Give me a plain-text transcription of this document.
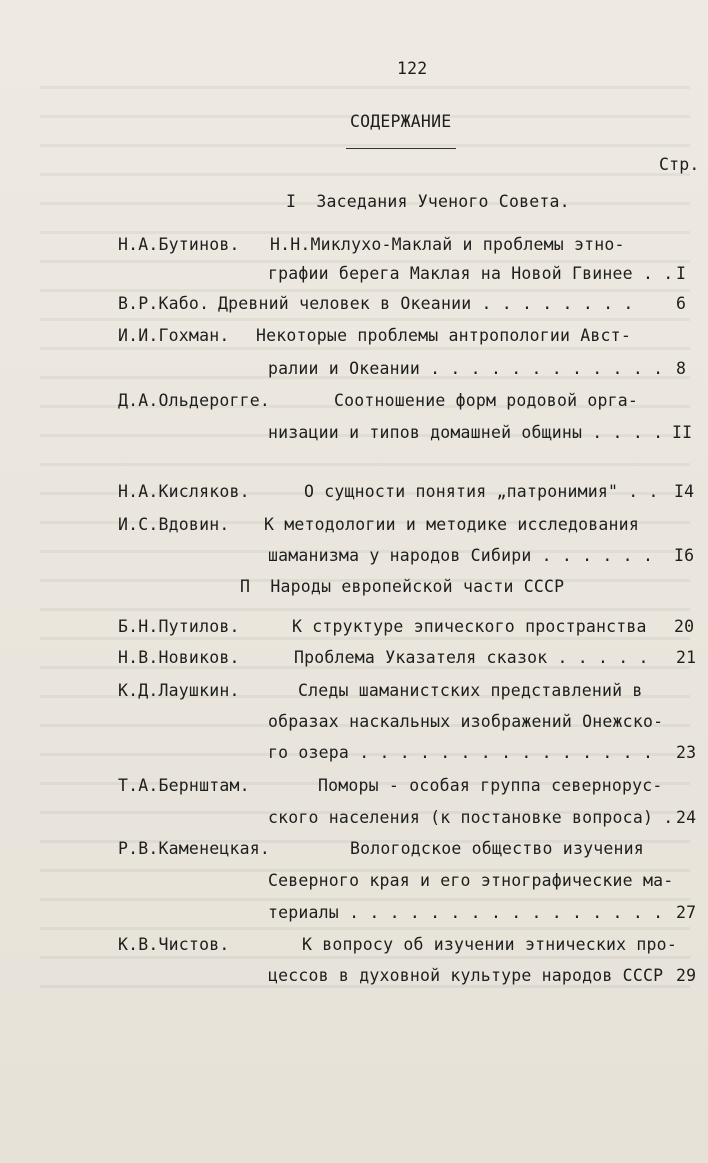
122
СОДЕРЖАНИЕ
Стр.
I  Заседания Ученого Совета.
Н.А.Бутинов. Н.Н.Миклухо-Маклай и проблемы этно-
графии берега Маклая на Новой Гвинее . . I
В.Р.Кабо. Древний человек в Океании . . . . . . . .	6
И.И.Гохман. Некоторые проблемы антропологии Авст-
ралии и Океании . . . . . . . . . . . . 8
Д.А.Ольдерогге.	Соотношение форм родовой орга-
низации и типов домашней общины . . . . II
Н.А.Кисляков.	О сущности понятия „патронимия" . . I4
И.С.Вдовин. К методологии и методике исследования
шаманизма у народов Сибири . . . . . . I6
П  Народы европейской части СССР
Б.Н.Путилов.	К структуре эпического пространства 20
Н.В.Новиков.	Проблема Указателя сказок . . . . . 21
К.Д.Лаушкин.	Следы шаманистских представлений в
образах наскальных изображений Онежско-
го озера . . . . . . . . . . . . . . . 23
Т.А.Бернштам.	Поморы - особая группа севернорус-
ского населения (к постановке вопроса) . 24
Р.В.Каменецкая.	Вологодское общество изучения
Северного края и его этнографические ма-
териалы . . . . . . . . . . . . . . . . 27
К.В.Чистов.	К вопросу об изучении этнических про-
цессов в духовной культуре народов СССР 29
